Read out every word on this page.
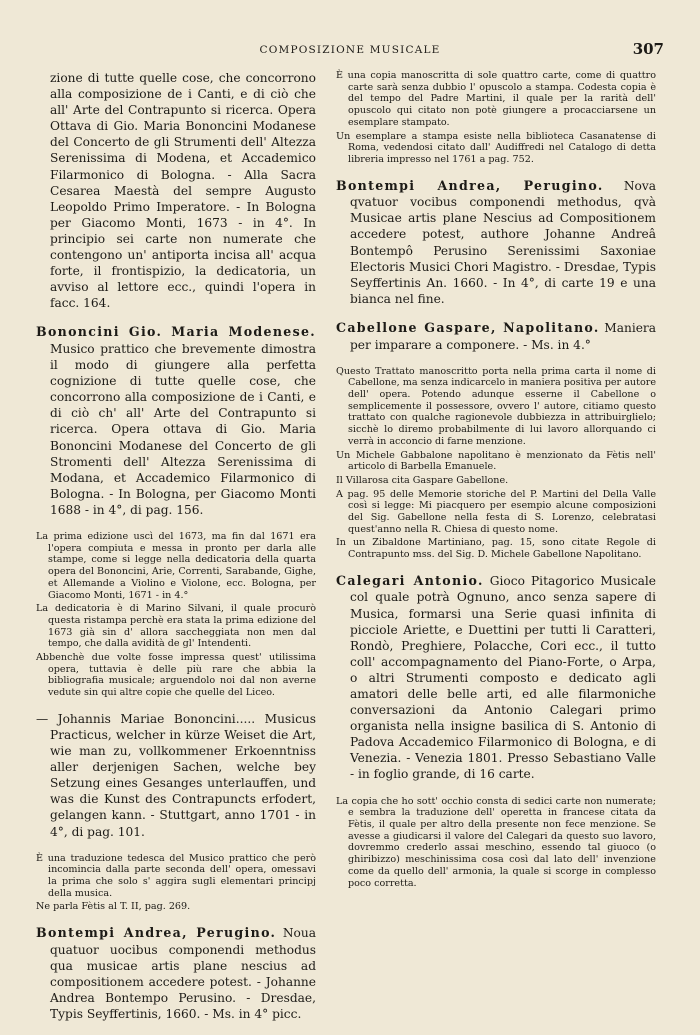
COMPOSIZIONE MUSICALE	307

zione di tutte quelle cose, che concorrono alla composizione de i Canti, e di ciò che all' Arte del Contrapunto si ricerca. Opera Ottava di Gio. Maria Bononcini Modanese del Concerto de gli Strumenti dell' Altezza Serenissima di Modena, et Accademico Filarmonico di Bologna. - Alla Sacra Cesarea Maestà del sempre Augusto Leopoldo Primo Imperatore. - In Bologna per Giacomo Monti, 1673 - in 4°. In principio sei carte non numerate che contengono un' antiporta incisa all' acqua forte, il frontispizio, la dedicatoria, un avviso al lettore ecc., quindi l'opera in facc. 164.

Bononcini Gio. Maria Modenese. Musico prattico che brevemente dimostra il modo di giungere alla perfetta cognizione di tutte quelle cose, che concorrono alla composizione de i Canti, e di ciò ch' all' Arte del Contrapunto si ricerca. Opera ottava di Gio. Maria Bononcini Modanese del Concerto de gli Stromenti dell' Altezza Serenissima di Modana, et Accademico Filarmonico di Bologna. - In Bologna, per Giacomo Monti 1688 - in 4°, di pag. 156.

La prima edizione uscì del 1673, ma fin dal 1671 era l'opera compiuta e messa in pronto per darla alle stampe, come si legge nella dedicatoria della quarta opera del Bononcini, Arie, Correnti, Sarabande, Gighe, et Allemande a Violino e Violone, ecc. Bologna, per Giacomo Monti, 1671 - in 4.°

La dedicatoria è di Marino Silvani, il quale procurò questa ristampa perchè era stata la prima edizione del 1673 già sin d' allora saccheggiata non men dal tempo, che dalla avidità de gl' Intendenti.

Abbenchè due volte fosse impressa quest' utilissima opera, tuttavia è delle più rare che abbia la bibliografia musicale; arguendolo noi dal non averne vedute sin qui altre copie che quelle del Liceo.

— Johannis Mariae Bononcini..... Musicus Practicus, welcher in kürze Weiset die Art, wie man zu, vollkommener Erkoenntniss aller derjenigen Sachen, welche bey Setzung eines Gesanges unterlauffen, und was die Kunst des Contrapuncts erfodert, gelangen kann. - Stuttgart, anno 1701 - in 4°, di pag. 101.

È una traduzione tedesca del Musico prattico che però incomincia dalla parte seconda dell' opera, omessavi la prima che solo s' aggira sugli elementari principj della musica.

Ne parla Fètis al T. II, pag. 269.

Bontempi Andrea, Perugino. Noua quatuor uocibus componendi methodus qua musicae artis plane nescius ad compositionem accedere potest. - Johanne Andrea Bontempo Perusino. - Dresdae, Typis Seyffertinis, 1660. - Ms. in 4° picc.

È una copia manoscritta di sole quattro carte, come di quattro carte sarà senza dubbio l' opuscolo a stampa. Codesta copia è del tempo del Padre Martini, il quale per la rarità dell' opuscolo qui citato non potè giungere a procacciarsene un esemplare stampato.

Un esemplare a stampa esiste nella biblioteca Casanatense di Roma, vedendosi citato dall' Audiffredi nel Catalogo di detta libreria impresso nel 1761 a pag. 752.

Bontempi Andrea, Perugino. Nova qvatuor vocibus componendi methodus, qvà Musicae artis plane Nescius ad Compositionem accedere potest, authore Johanne Andreâ Bontempô Perusino Serenissimi Saxoniae Electoris Musici Chori Magistro. - Dresdae, Typis Seyffertinis An. 1660. - In 4°, di carte 19 e una bianca nel fine.

Cabellone Gaspare, Napolitano. Maniera per imparare a componere. - Ms. in 4.°

Questo Trattato manoscritto porta nella prima carta il nome di Cabellone, ma senza indicarcelo in maniera positiva per autore dell' opera. Potendo adunque esserne il Cabellone o semplicemente il possessore, ovvero l' autore, citiamo questo trattato con qualche ragionevole dubbiezza in attribuirglielo; sicchè lo diremo probabilmente di lui lavoro allorquando ci verrà in acconcio di farne menzione.

Un Michele Gabbalone napolitano è menzionato da Fètis nell' articolo di Barbella Emanuele.

Il Villarosa cita Gaspare Gabellone.

A pag. 95 delle Memorie storiche del P. Martini del Della Valle così si legge: Mi piacquero per esempio alcune composizioni del Sig. Gabellone nella festa di S. Lorenzo, celebratasi quest'anno nella R. Chiesa di questo nome.

In un Zibaldone Martiniano, pag. 15, sono citate Regole di Contrapunto mss. del Sig. D. Michele Gabellone Napolitano.

Calegari Antonio. Gioco Pitagorico Musicale col quale potrà Ognuno, anco senza sapere di Musica, formarsi una Serie quasi infinita di picciole Ariette, e Duettini per tutti li Caratteri, Rondò, Preghiere, Polacche, Cori ecc., il tutto coll' accompagnamento del Piano-Forte, o Arpa, o altri Strumenti composto e dedicato agli amatori delle belle arti, ed alle filarmoniche conversazioni da Antonio Calegari primo organista nella insigne basilica di S. Antonio di Padova Accademico Filarmonico di Bologna, e di Venezia. - Venezia 1801. Presso Sebastiano Valle - in foglio grande, di 16 carte.

La copia che ho sott' occhio consta di sedici carte non numerate; e sembra la traduzione dell' operetta in francese citata da Fètis, il quale per altro della presente non fece menzione. Se avesse a giudicarsi il valore del Calegari da questo suo lavoro, dovremmo crederlo assai meschino, essendo tal giuoco (o ghiribizzo) meschinissima cosa così dal lato dell' invenzione come da quello dell' armonia, la quale si scorge in complesso poco corretta.
